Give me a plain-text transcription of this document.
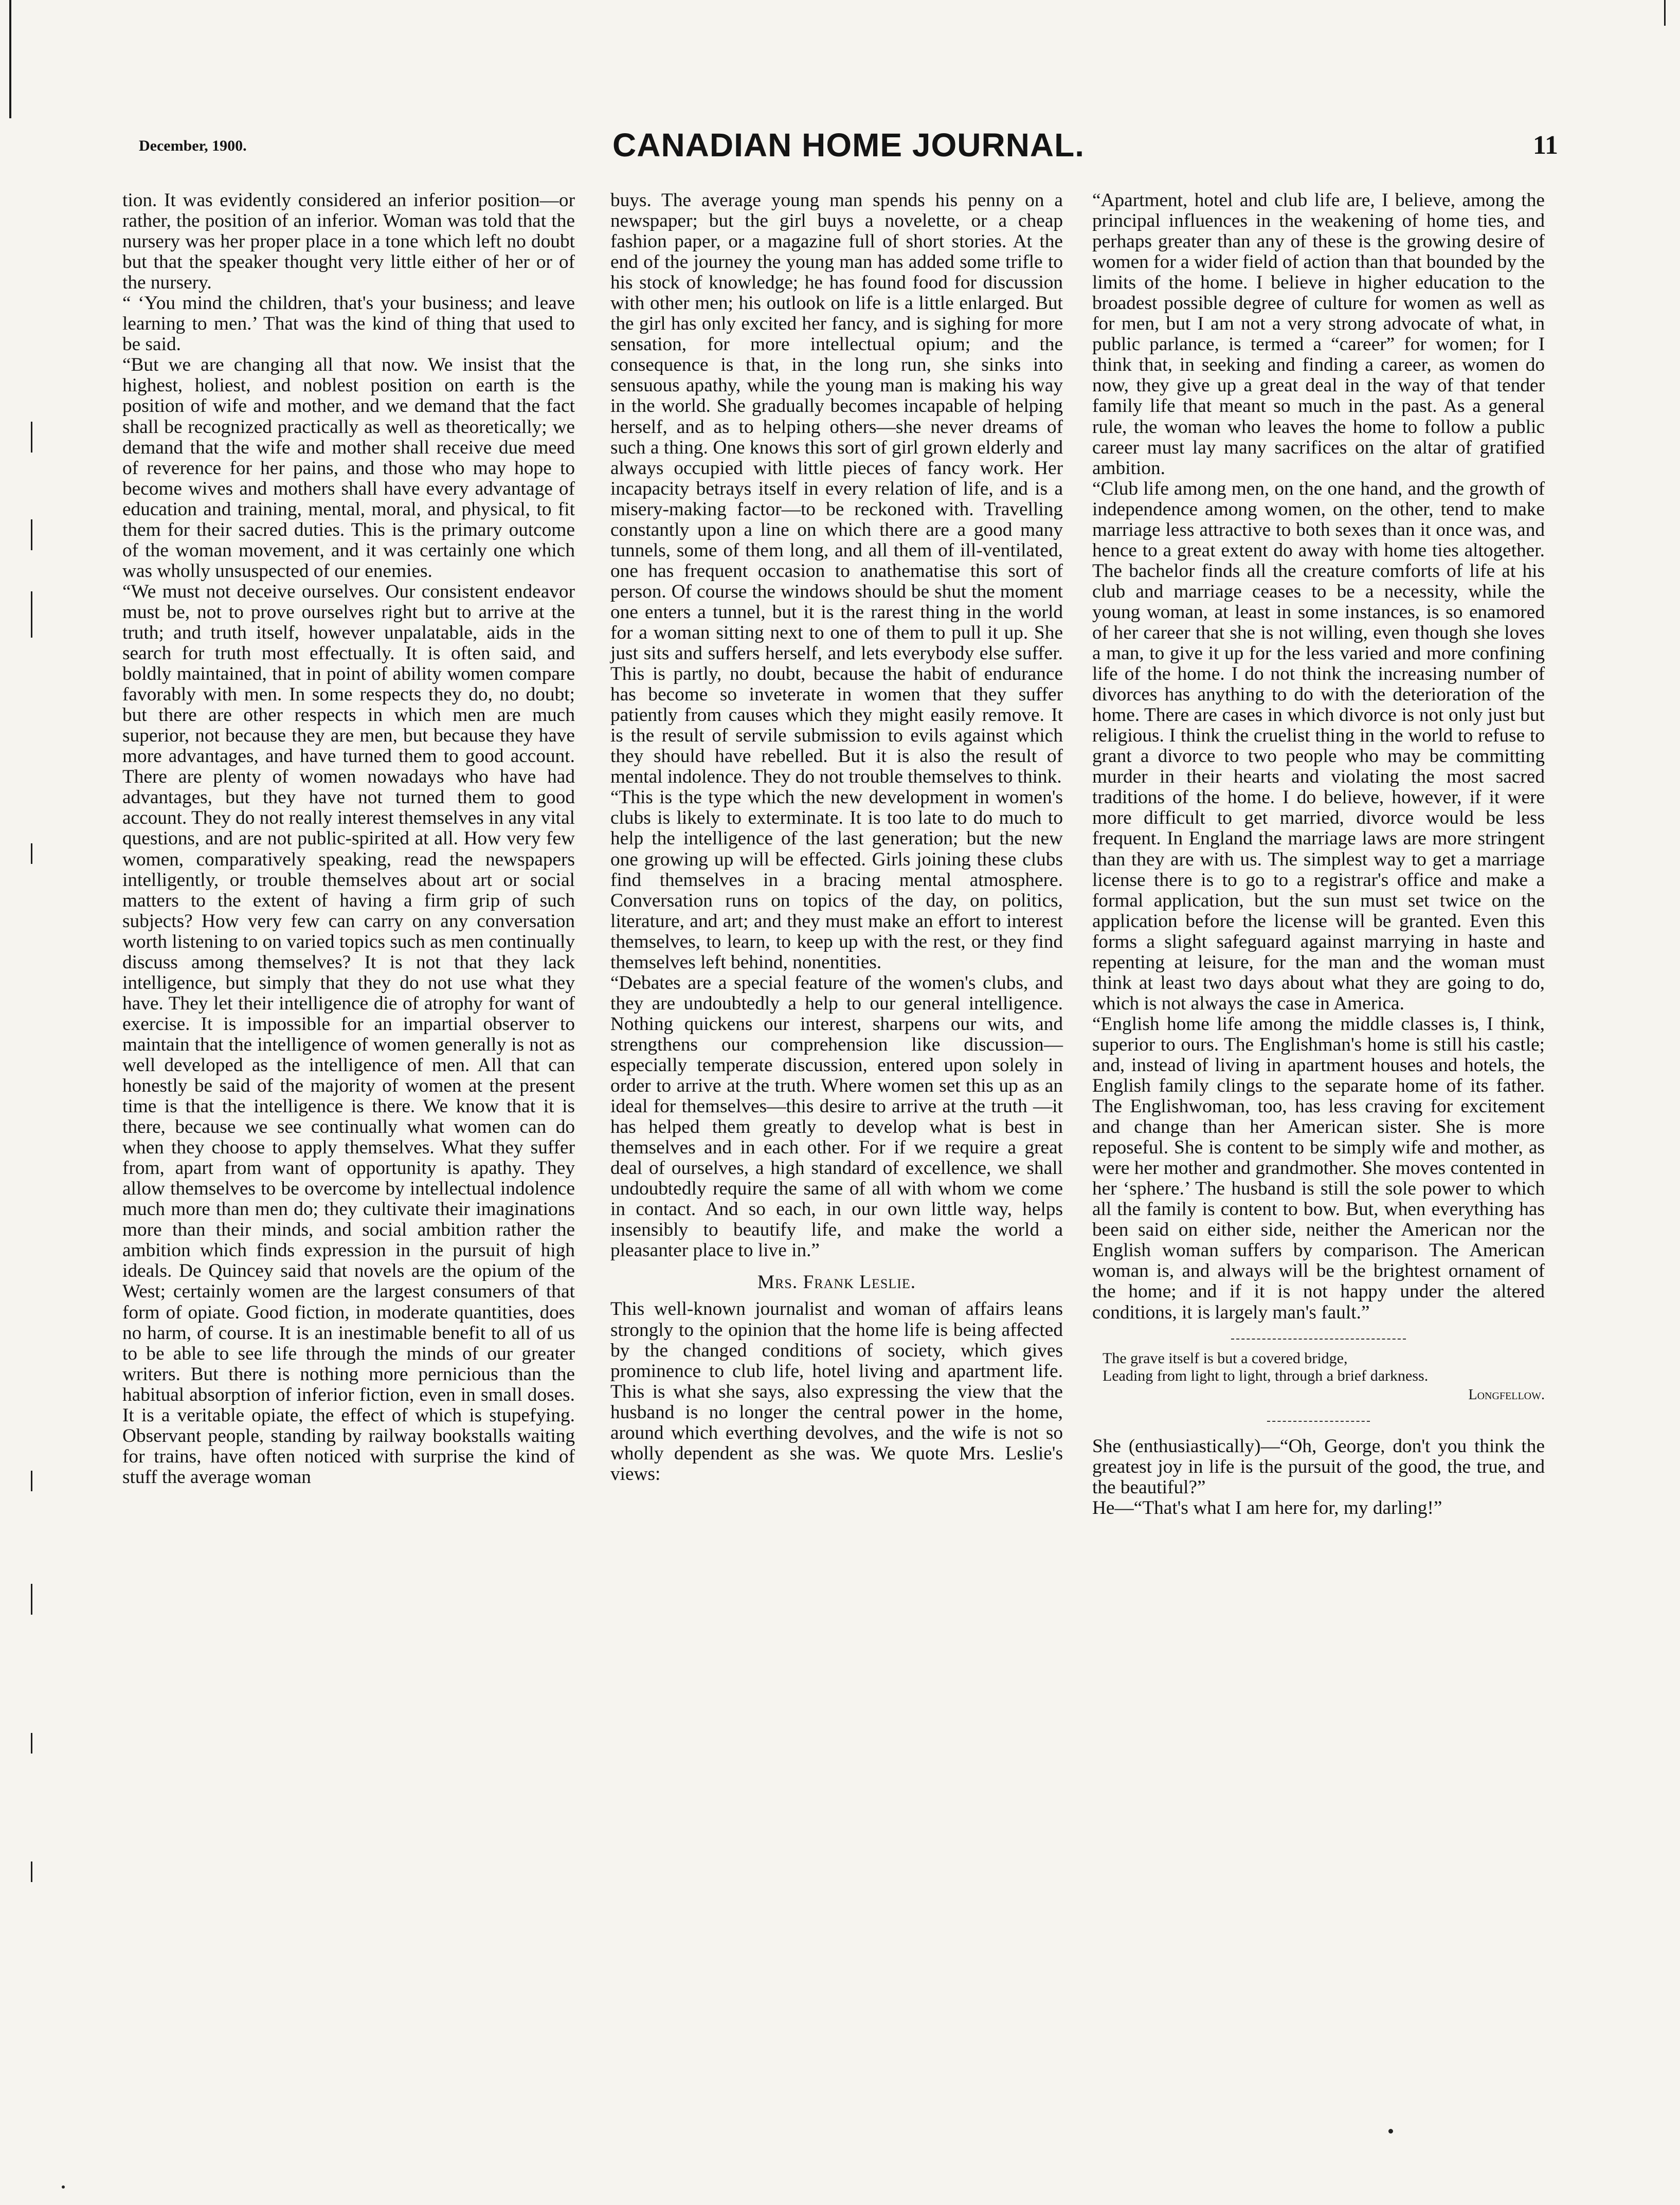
December, 1900.	CANADIAN HOME JOURNAL.	11

tion. It was evidently considered an inferior position—or rather, the position of an inferior. Woman was told that the nursery was her proper place in a tone which left no doubt but that the speaker thought very little either of her or of the nursery.

“ ‘You mind the children, that's your business; and leave learning to men.’ That was the kind of thing that used to be said.

“But we are changing all that now. We insist that the highest, holiest, and noblest position on earth is the position of wife and mother, and we demand that the fact shall be recognized practically as well as theoretically; we demand that the wife and mother shall receive due meed of reverence for her pains, and those who may hope to become wives and mothers shall have every advantage of education and training, mental, moral, and physical, to fit them for their sacred duties. This is the primary outcome of the woman movement, and it was certainly one which was wholly unsuspected of our enemies.

“We must not deceive ourselves. Our consistent endeavor must be, not to prove ourselves right but to arrive at the truth; and truth itself, however unpalatable, aids in the search for truth most effectually. It is often said, and boldly maintained, that in point of ability women compare favorably with men. In some respects they do, no doubt; but there are other respects in which men are much superior, not because they are men, but because they have more advantages, and have turned them to good account. There are plenty of women nowadays who have had advantages, but they have not turned them to good account. They do not really interest themselves in any vital questions, and are not public-spirited at all. How very few women, comparatively speaking, read the newspapers intelligently, or trouble themselves about art or social matters to the extent of having a firm grip of such subjects? How very few can carry on any conversation worth listening to on varied topics such as men continually discuss among themselves? It is not that they lack intelligence, but simply that they do not use what they have. They let their intelligence die of atrophy for want of exercise. It is impossible for an impartial observer to maintain that the intelligence of women generally is not as well developed as the intelligence of men. All that can honestly be said of the majority of women at the present time is that the intelligence is there. We know that it is there, because we see continually what women can do when they choose to apply themselves. What they suffer from, apart from want of opportunity is apathy. They allow themselves to be overcome by intellectual indolence much more than men do; they cultivate their imaginations more than their minds, and social ambition rather the ambition which finds expression in the pursuit of high ideals. De Quincey said that novels are the opium of the West; certainly women are the largest consumers of that form of opiate. Good fiction, in moderate quantities, does no harm, of course. It is an inestimable benefit to all of us to be able to see life through the minds of our greater writers. But there is nothing more pernicious than the habitual absorption of inferior fiction, even in small doses. It is a veritable opiate, the effect of which is stupefying. Observant people, standing by railway bookstalls waiting for trains, have often noticed with surprise the kind of stuff the average woman

buys. The average young man spends his penny on a newspaper; but the girl buys a novelette, or a cheap fashion paper, or a magazine full of short stories. At the end of the journey the young man has added some trifle to his stock of knowledge; he has found food for discussion with other men; his outlook on life is a little enlarged. But the girl has only excited her fancy, and is sighing for more sensation, for more intellectual opium; and the consequence is that, in the long run, she sinks into sensuous apathy, while the young man is making his way in the world. She gradually becomes incapable of helping herself, and as to helping others—she never dreams of such a thing. One knows this sort of girl grown elderly and always occupied with little pieces of fancy work. Her incapacity betrays itself in every relation of life, and is a misery-making factor—to be reckoned with. Travelling constantly upon a line on which there are a good many tunnels, some of them long, and all them of ill-ventilated, one has frequent occasion to anathematise this sort of person. Of course the windows should be shut the moment one enters a tunnel, but it is the rarest thing in the world for a woman sitting next to one of them to pull it up. She just sits and suffers herself, and lets everybody else suffer. This is partly, no doubt, because the habit of endurance has become so inveterate in women that they suffer patiently from causes which they might easily remove. It is the result of servile submission to evils against which they should have rebelled. But it is also the result of mental indolence. They do not trouble themselves to think.

“This is the type which the new development in women's clubs is likely to exterminate. It is too late to do much to help the intelligence of the last generation; but the new one growing up will be effected. Girls joining these clubs find themselves in a bracing mental atmosphere. Conversation runs on topics of the day, on politics, literature, and art; and they must make an effort to interest themselves, to learn, to keep up with the rest, or they find themselves left behind, nonentities.

“Debates are a special feature of the women's clubs, and they are undoubtedly a help to our general intelligence. Nothing quickens our interest, sharpens our wits, and strengthens our comprehension like discussion—especially temperate discussion, entered upon solely in order to arrive at the truth. Where women set this up as an ideal for themselves—this desire to arrive at the truth —it has helped them greatly to develop what is best in themselves and in each other. For if we require a great deal of ourselves, a high standard of excellence, we shall undoubtedly require the same of all with whom we come in contact. And so each, in our own little way, helps insensibly to beautify life, and make the world a pleasanter place to live in.”

Mrs. Frank Leslie.

This well-known journalist and woman of affairs leans strongly to the opinion that the home life is being affected by the changed conditions of society, which gives prominence to club life, hotel living and apartment life. This is what she says, also expressing the view that the husband is no longer the central power in the home, around which everthing devolves, and the wife is not so wholly dependent as she was. We quote Mrs. Leslie's views:

“Apartment, hotel and club life are, I believe, among the principal influences in the weakening of home ties, and perhaps greater than any of these is the growing desire of women for a wider field of action than that bounded by the limits of the home. I believe in higher education to the broadest possible degree of culture for women as well as for men, but I am not a very strong advocate of what, in public parlance, is termed a “career” for women; for I think that, in seeking and finding a career, as women do now, they give up a great deal in the way of that tender family life that meant so much in the past. As a general rule, the woman who leaves the home to follow a public career must lay many sacrifices on the altar of gratified ambition.

“Club life among men, on the one hand, and the growth of independence among women, on the other, tend to make marriage less attractive to both sexes than it once was, and hence to a great extent do away with home ties altogether. The bachelor finds all the creature comforts of life at his club and marriage ceases to be a necessity, while the young woman, at least in some instances, is so enamored of her career that she is not willing, even though she loves a man, to give it up for the less varied and more confining life of the home. I do not think the increasing number of divorces has anything to do with the deterioration of the home. There are cases in which divorce is not only just but religious. I think the cruelist thing in the world to refuse to grant a divorce to two people who may be committing murder in their hearts and violating the most sacred traditions of the home. I do believe, however, if it were more difficult to get married, divorce would be less frequent. In England the marriage laws are more stringent than they are with us. The simplest way to get a marriage license there is to go to a registrar's office and make a formal application, but the sun must set twice on the application before the license will be granted. Even this forms a slight safeguard against marrying in haste and repenting at leisure, for the man and the woman must think at least two days about what they are going to do, which is not always the case in America.

“English home life among the middle classes is, I think, superior to ours. The Englishman's home is still his castle; and, instead of living in apartment houses and hotels, the English family clings to the separate home of its father. The Englishwoman, too, has less craving for excitement and change than her American sister. She is more reposeful. She is content to be simply wife and mother, as were her mother and grandmother. She moves contented in her ‘sphere.’ The husband is still the sole power to which all the family is content to bow. But, when everything has been said on either side, neither the American nor the English woman suffers by comparison. The American woman is, and always will be the brightest ornament of the home; and if it is not happy under the altered conditions, it is largely man's fault.”

The grave itself is but a covered bridge,

Leading from light to light, through a brief darkness.

Longfellow.

She (enthusiastically)—“Oh, George, don't you think the greatest joy in life is the pursuit of the good, the true, and the beautiful?”

He—“That's what I am here for, my darling!”
